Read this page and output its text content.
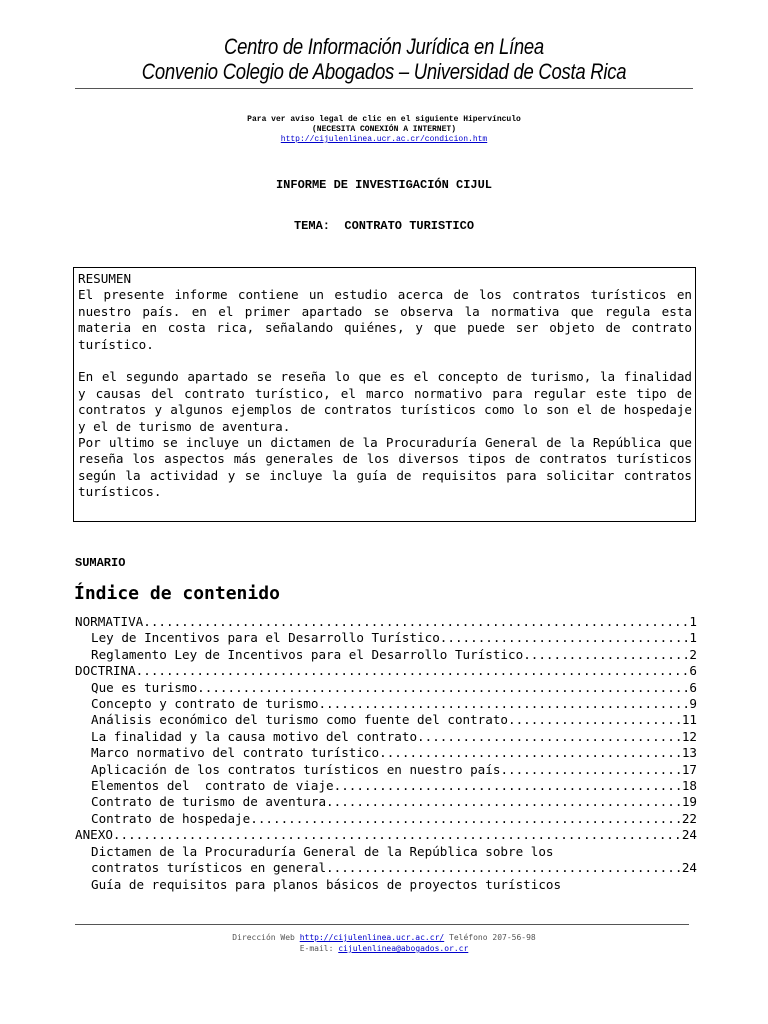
Centro de Información Jurídica en Línea
Convenio Colegio de Abogados – Universidad de Costa Rica
Para ver aviso legal de clic en el siguiente Hipervínculo
(NECESITA CONEXIÓN A INTERNET)
http://cijulenlinea.ucr.ac.cr/condicion.htm
INFORME DE INVESTIGACIÓN CIJUL
TEMA:  CONTRATO TURISTICO

RESUMEN

El presente informe contiene un estudio acerca de los contratos turísticos en nuestro país. en el primer apartado se observa la normativa que regula esta materia en costa rica, señalando quiénes, y que puede ser objeto de contrato turístico.

En el segundo apartado se reseña lo que es el concepto de turismo, la finalidad y causas del contrato turístico, el marco normativo para regular este tipo de contratos y algunos ejemplos de contratos turísticos como lo son el de hospedaje y el de turismo de aventura.

Por ultimo se incluye un dictamen de la Procuraduría General de la República que reseña los aspectos más generales de los diversos tipos de contratos turísticos según la actividad y se incluye la guía de requisitos para solicitar contratos turísticos.

SUMARIO
Índice de contenido
NORMATIVA .....	1
Ley de Incentivos para el Desarrollo Turístico .....	1
Reglamento Ley de Incentivos para el Desarrollo Turístico .....	2
DOCTRINA .....	6
Que es turismo .....	6
Concepto y contrato de turismo .....	9
Análisis económico del turismo como fuente del contrato .....	11
La finalidad y la causa motivo del contrato .....	12
Marco normativo del contrato turístico .....	13
Aplicación de los contratos turísticos en nuestro país .....	17
Elementos del  contrato de viaje .....	18
Contrato de turismo de aventura .....	19
Contrato de hospedaje .....	22
ANEXO .....	24
Dictamen de la Procuraduría General de la República sobre los
contratos turísticos en general .....	24
Guía de requisitos para planos básicos de proyectos turísticos
Dirección Web http://cijulenlinea.ucr.ac.cr/ Teléfono 207-56-98
E-mail: cijulenlinea@abogados.or.cr
